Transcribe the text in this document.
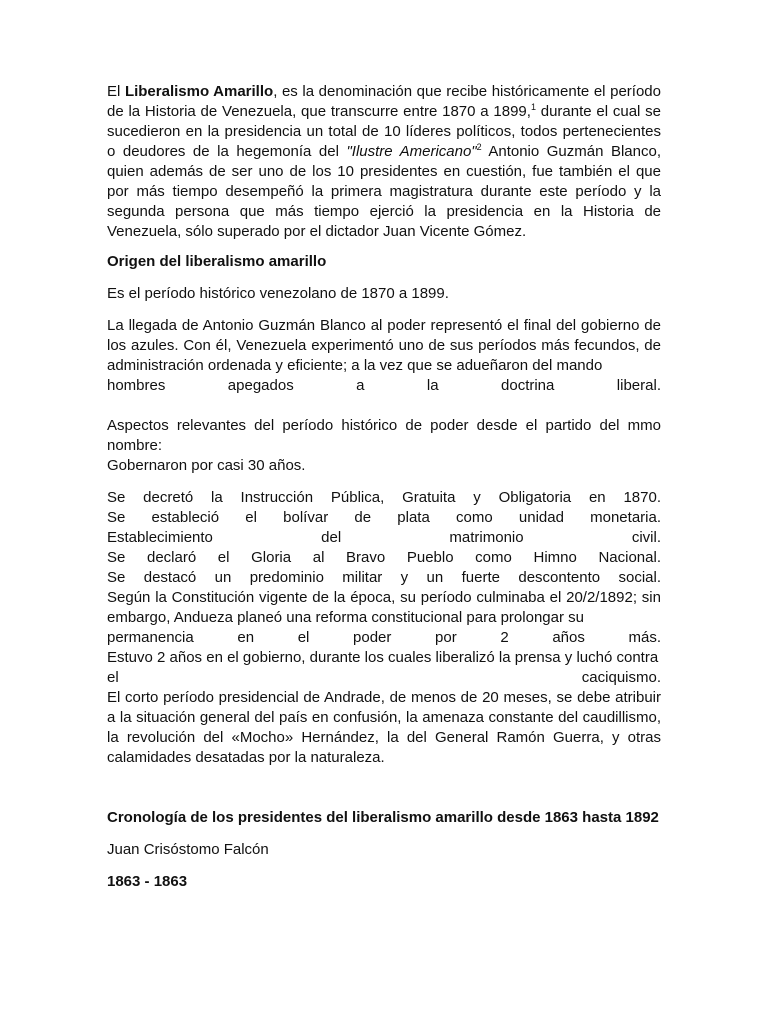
El Liberalismo Amarillo, es la denominación que recibe históricamente el período de la Historia de Venezuela, que transcurre entre 1870 a 1899,$^1$ durante el cual se sucedieron en la presidencia un total de 10 líderes políticos, todos pertenecientes o deudores de la hegemonía del "Ilustre Americano"$^2$ Antonio Guzmán Blanco, quien además de ser uno de los 10 presidentes en cuestión, fue también el que por más tiempo desempeñó la primera magistratura durante este período y la segunda persona que más tiempo ejerció la presidencia en la Historia de Venezuela, sólo superado por el dictador Juan Vicente Gómez.

Origen del liberalismo amarillo

Es el período histórico venezolano de 1870 a 1899.

La llegada de Antonio Guzmán Blanco al poder representó el final del gobierno de los azules. Con él, Venezuela experimentó uno de sus períodos más fecundos, de administración ordenada y eficiente; a la vez que se adueñaron del mando

hombres apegados a la doctrina liberal.

Aspectos relevantes del período histórico de poder desde el partido del mmo nombre:

Gobernaron por casi 30 años.

Se decretó la Instrucción Pública, Gratuita y Obligatoria en 1870.

Se estableció el bolívar de plata como unidad monetaria.

Establecimiento del matrimonio civil.

Se declaró el Gloria al Bravo Pueblo como Himno Nacional.

Se destacó un predominio militar y un fuerte descontento social.

Según la Constitución vigente de la época, su período culminaba el 20/2/1892; sin embargo, Andueza planeó una reforma constitucional para prolongar su

permanencia en el poder por 2 años más.

Estuvo 2 años en el gobierno, durante los cuales liberalizó la prensa y luchó contra

el caciquismo.

El corto período presidencial de Andrade, de menos de 20 meses, se debe atribuir a la situación general del país en confusión, la amenaza constante del caudillismo, la revolución del «Mocho» Hernández, la del General Ramón Guerra, y otras calamidades desatadas por la naturaleza.

Cronología de los presidentes del liberalismo amarillo desde 1863 hasta 1892

Juan Crisóstomo Falcón

1863 - 1863
